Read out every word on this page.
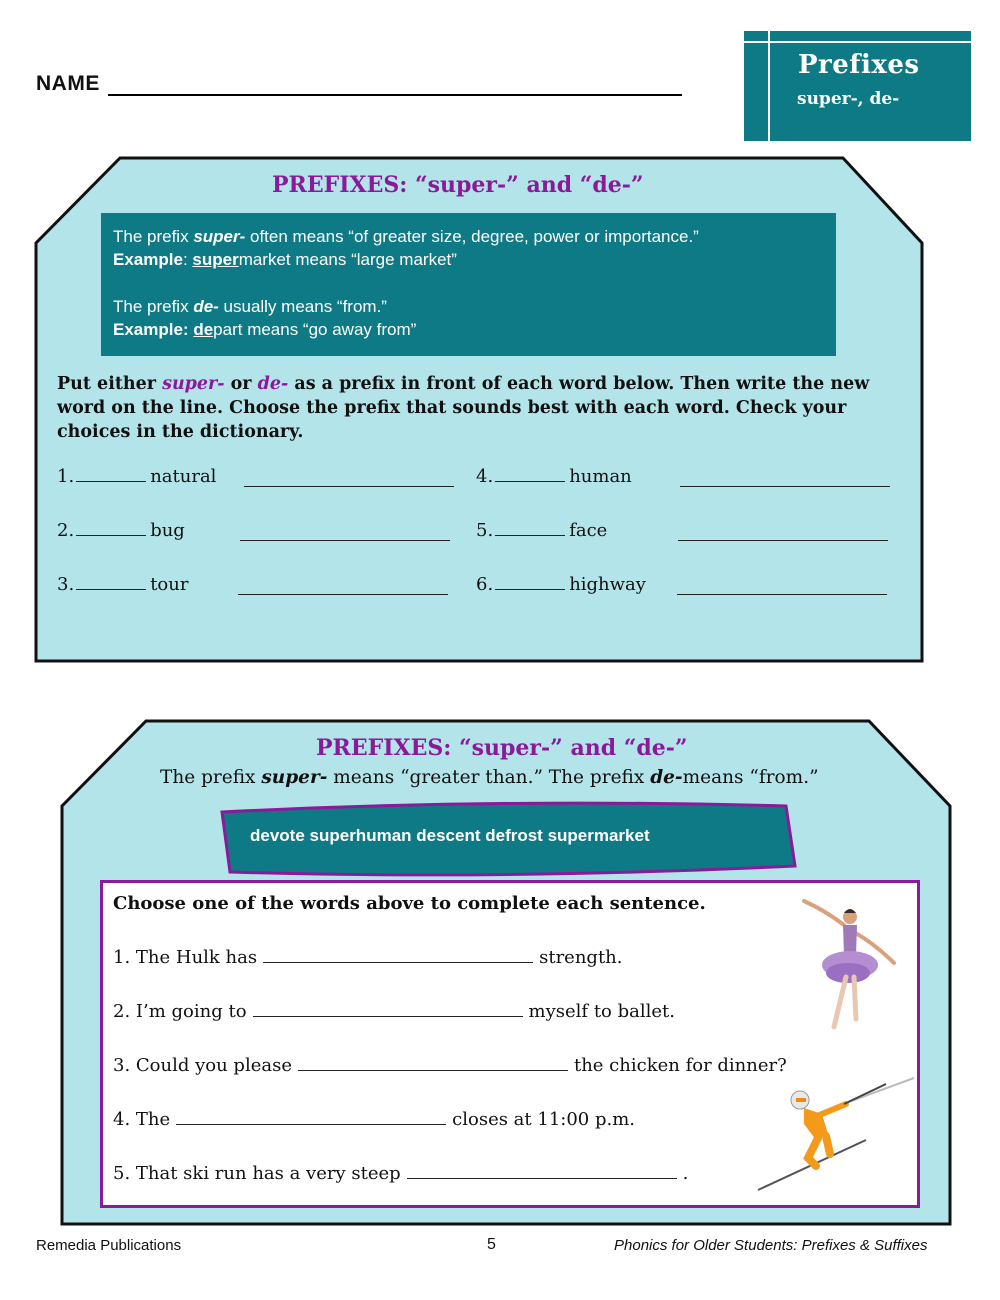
NAME
Prefixes
super-, de-
PREFIXES: “super-” and “de-”
The prefix super- often means “of greater size, degree, power or importance.”
Example: supermarket means “large market”
The prefix de- usually means “from.”
Example: depart means “go away from”
Put either super- or de- as a prefix in front of each word below. Then write the new word on the line. Choose the prefix that sounds best with each word. Check your choices in the dictionary.
1.	natural
2.	bug
3.	tour
4.	human
5.	face
6.	highway
PREFIXES: “super-” and “de-”
The prefix super- means “greater than.” The prefix de-means “from.”
devote superhuman descent defrost supermarket
Choose one of the words above to complete each sentence.
1. The Hulk has	strength.
2. I’m going to	myself to ballet.
3. Could you please	the chicken for dinner?
4. The	closes at 11:00 p.m.
5. That ski run has a very steep	.
Remedia Publications	5	Phonics for Older Students: Prefixes & Suffixes
